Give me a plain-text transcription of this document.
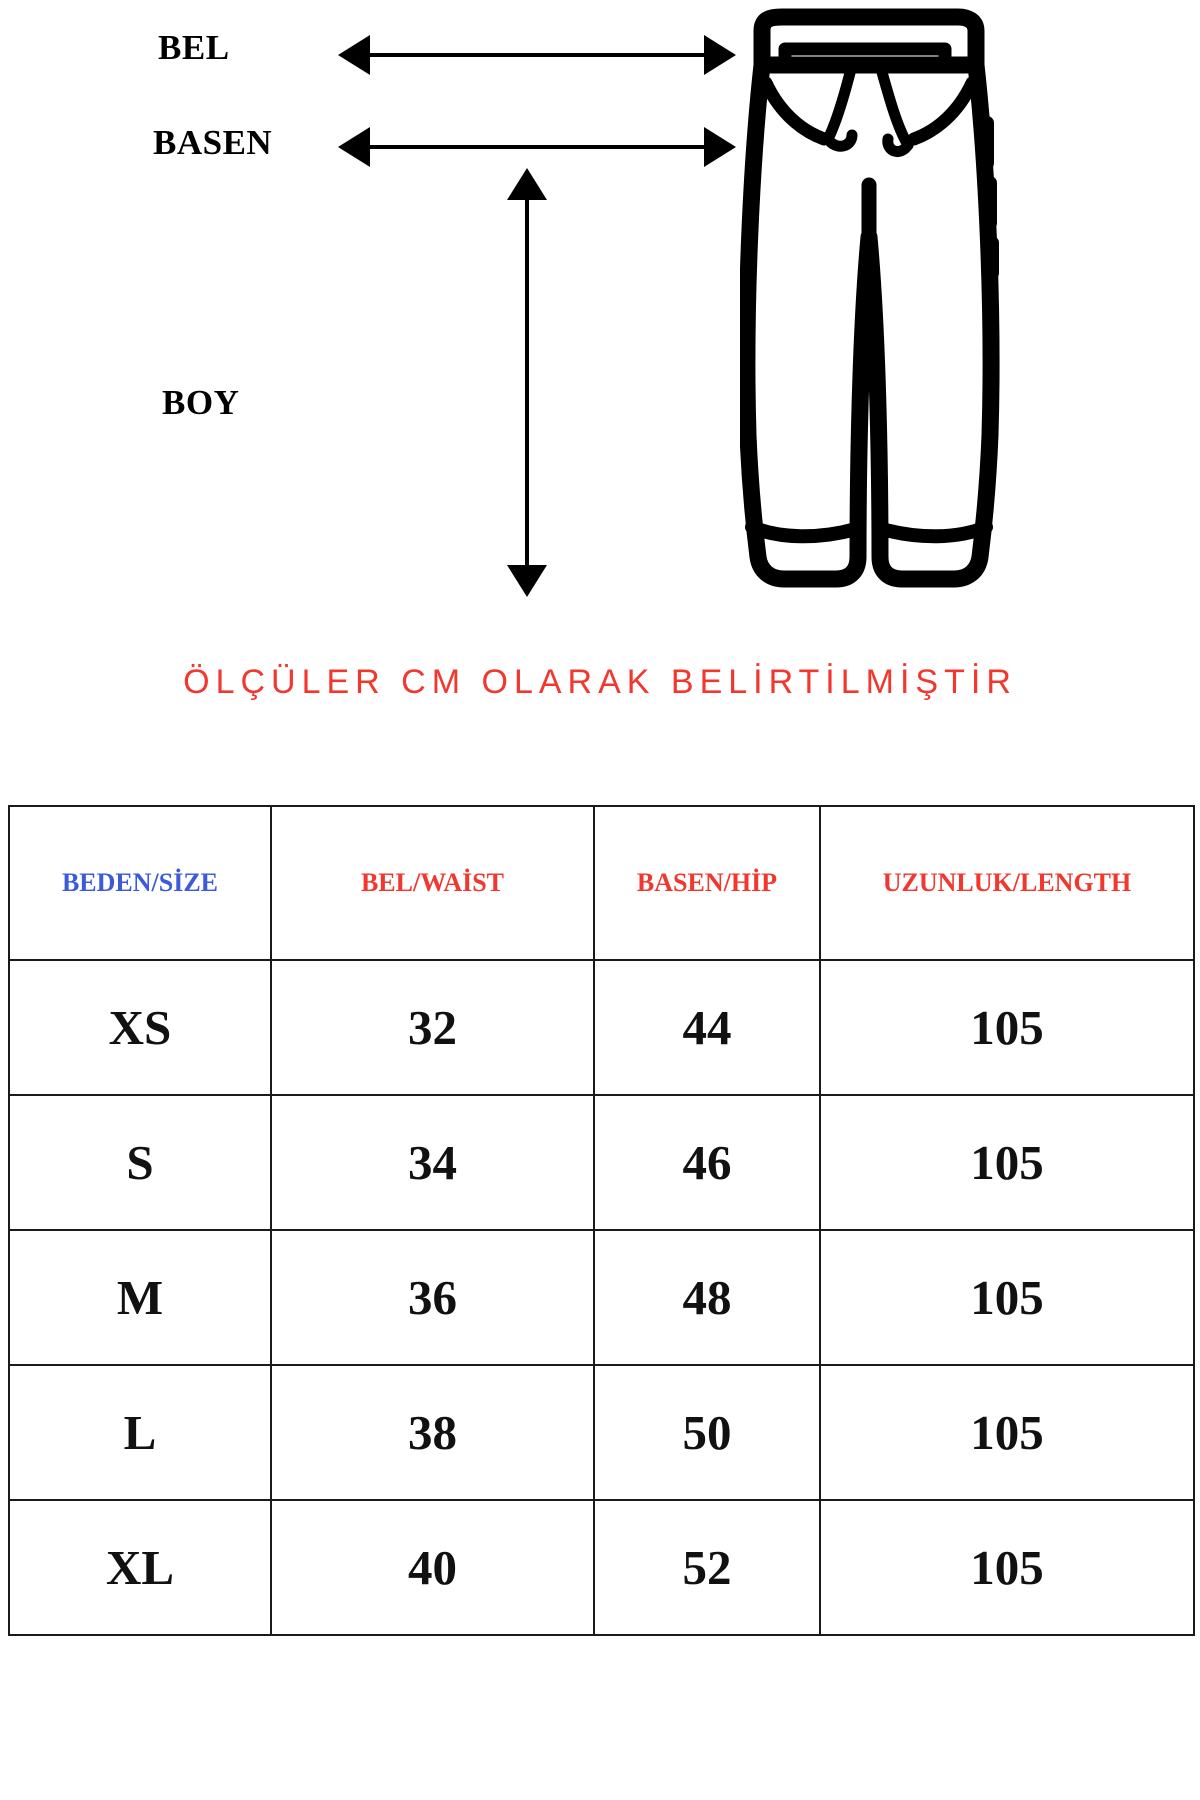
BEL
BASEN
BOY
ÖLÇÜLER CM OLARAK BELİRTİLMİŞTİR
BEDEN/SİZE	BEL/WAİST	BASEN/HİP	UZUNLUK/LENGTH
XS	32	44	105
S	34	46	105
M	36	48	105
L	38	50	105
XL	40	52	105
